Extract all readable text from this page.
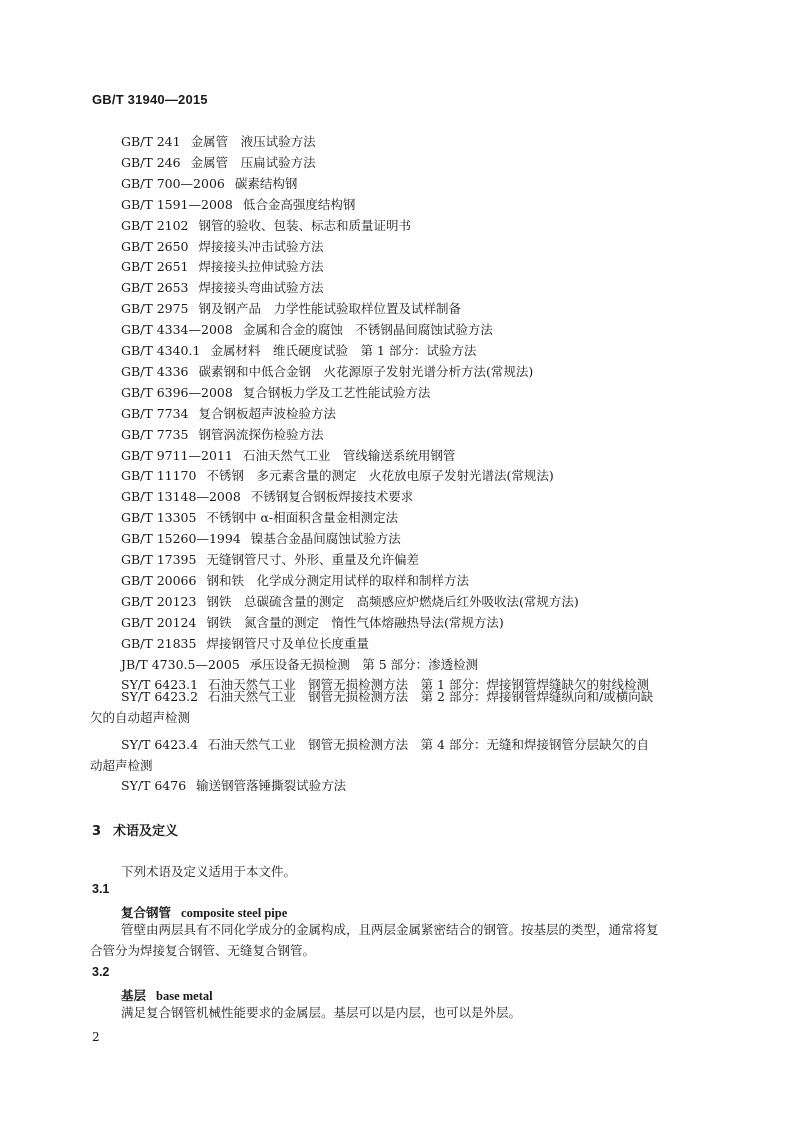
GB/T 31940—2015
GB/T 241 金属管　液压试验方法
GB/T 246 金属管　压扁试验方法
GB/T 700—2006 碳素结构钢
GB/T 1591—2008 低合金高强度结构钢
GB/T 2102 钢管的验收、包装、标志和质量证明书
GB/T 2650 焊接接头冲击试验方法
GB/T 2651 焊接接头拉伸试验方法
GB/T 2653 焊接接头弯曲试验方法
GB/T 2975 钢及钢产品　力学性能试验取样位置及试样制备
GB/T 4334—2008 金属和合金的腐蚀　不锈钢晶间腐蚀试验方法
GB/T 4340.1 金属材料　维氏硬度试验　第 1 部分：试验方法
GB/T 4336 碳素钢和中低合金钢　火花源原子发射光谱分析方法(常规法)
GB/T 6396—2008 复合钢板力学及工艺性能试验方法
GB/T 7734 复合钢板超声波检验方法
GB/T 7735 钢管涡流探伤检验方法
GB/T 9711—2011 石油天然气工业　管线输送系统用钢管
GB/T 11170 不锈钢　多元素含量的测定　火花放电原子发射光谱法(常规法)
GB/T 13148—2008 不锈钢复合钢板焊接技术要求
GB/T 13305 不锈钢中 α-相面积含量金相测定法
GB/T 15260—1994 镍基合金晶间腐蚀试验方法
GB/T 17395 无缝钢管尺寸、外形、重量及允许偏差
GB/T 20066 钢和铁　化学成分测定用试样的取样和制样方法
GB/T 20123 钢铁　总碳硫含量的测定　高频感应炉燃烧后红外吸收法(常规方法)
GB/T 20124 钢铁　氮含量的测定　惰性气体熔融热导法(常规方法)
GB/T 21835 焊接钢管尺寸及单位长度重量
JB/T 4730.5—2005 承压设备无损检测　第 5 部分：渗透检测
SY/T 6423.1 石油天然气工业　钢管无损检测方法　第 1 部分：焊接钢管焊缝缺欠的射线检测
SY/T 6423.2 石油天然气工业　钢管无损检测方法　第 2 部分：焊接钢管焊缝纵向和/或横向缺
欠的自动超声检测
SY/T 6423.4 石油天然气工业　钢管无损检测方法　第 4 部分：无缝和焊接钢管分层缺欠的自
动超声检测
SY/T 6476 输送钢管落锤撕裂试验方法
3 术语及定义
下列术语及定义适用于本文件。
3.1
复合钢管 composite steel pipe
管壁由两层具有不同化学成分的金属构成，且两层金属紧密结合的钢管。按基层的类型，通常将复
合管分为焊接复合钢管、无缝复合钢管。
3.2
基层 base metal
满足复合钢管机械性能要求的金属层。基层可以是内层，也可以是外层。
2
